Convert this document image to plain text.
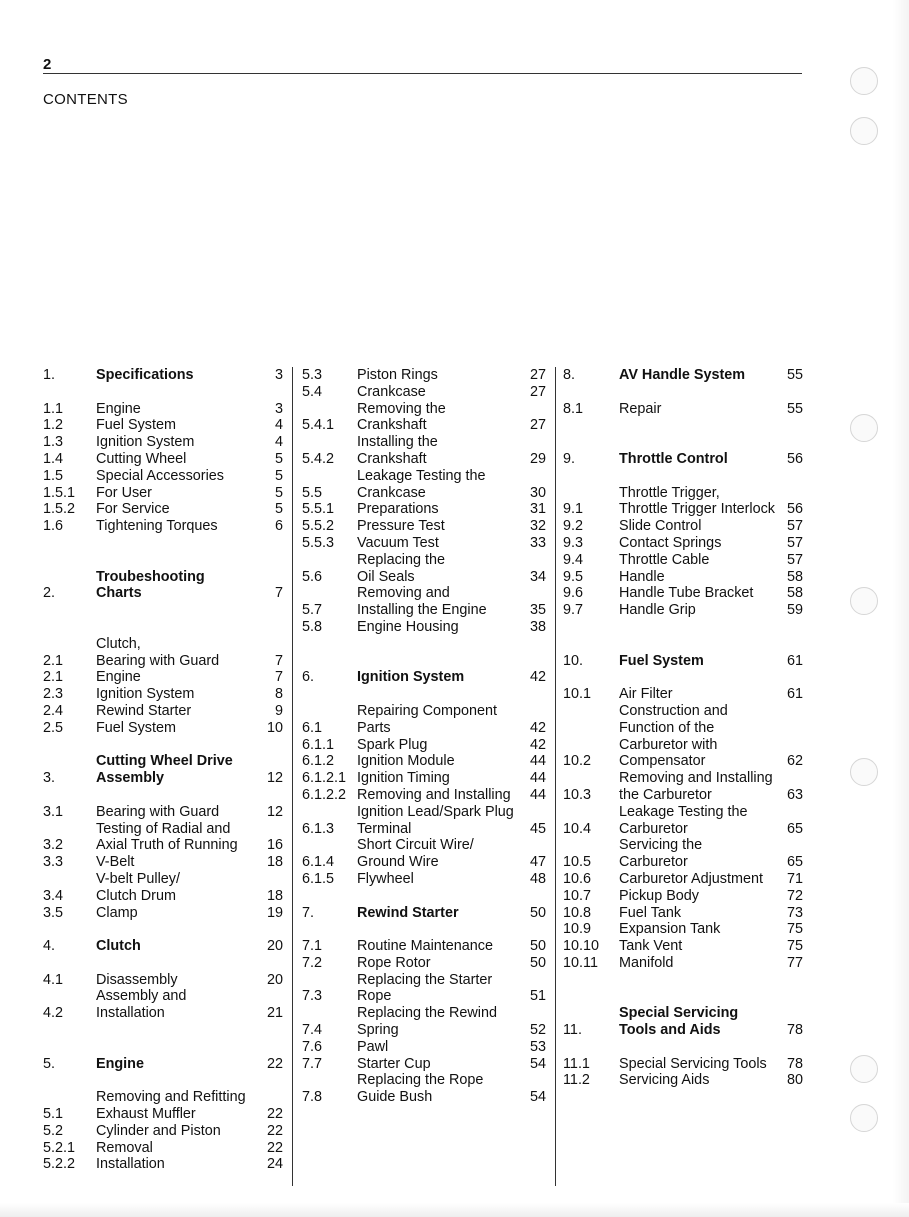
2
CONTENTS
1.	Specifications	3
1.1	Engine	3
1.2	Fuel System	4
1.3	Ignition System	4
1.4	Cutting Wheel	5
1.5	Special Accessories	5
1.5.1	For User	5
1.5.2	For Service	5
1.6	Tightening Torques	6
2.
Troubeshooting
Charts	7
2.1
Clutch,
Bearing with Guard	7
2.1	Engine	7
2.3	Ignition System	8
2.4	Rewind Starter	9
2.5	Fuel System	10
3.
Cutting Wheel Drive
Assembly	12
3.1	Bearing with Guard	12
3.2
Testing of Radial and
Axial Truth of Running	16
3.3	V-Belt	18
3.4
V-belt Pulley/
Clutch Drum	18
3.5	Clamp	19
4.	Clutch	20
4.1	Disassembly	20
4.2
Assembly and
Installation	21
5.	Engine	22
5.1
Removing and Refitting
Exhaust Muffler	22
5.2	Cylinder and Piston	22
5.2.1	Removal	22
5.2.2	Installation	24
5.3	Piston Rings	27
5.4	Crankcase	27
5.4.1
Removing the
Crankshaft	27
5.4.2
Installing the
Crankshaft	29
5.5
Leakage Testing the
Crankcase	30
5.5.1	Preparations	31
5.5.2	Pressure Test	32
5.5.3	Vacuum Test	33
5.6
Replacing the
Oil Seals	34
5.7
Removing and
Installing the Engine	35
5.8	Engine Housing	38
6.	Ignition System	42
6.1
Repairing Component
Parts	42
6.1.1	Spark Plug	42
6.1.2	Ignition Module	44
6.1.2.1 Ignition Timing	44
6.1.2.2 Removing and Installing	44
6.1.3
Ignition Lead/Spark Plug
Terminal	45
6.1.4
Short Circuit Wire/
Ground Wire	47
6.1.5	Flywheel	48
7.	Rewind Starter	50
7.1	Routine Maintenance	50
7.2	Rope Rotor	50
7.3
Replacing the Starter
Rope	51
7.4
Replacing the Rewind
Spring	52
7.6	Pawl	53
7.7	Starter Cup	54
7.8
Replacing the Rope
Guide Bush	54
8.	AV Handle System	55
8.1	Repair	55
9.	Throttle Control	56
9.1
Throttle Trigger,
Throttle Trigger Interlock 56
9.2	Slide Control	57
9.3	Contact Springs	57
9.4	Throttle Cable	57
9.5	Handle	58
9.6	Handle Tube Bracket	58
9.7	Handle Grip	59
10.	Fuel System	61
10.1	Air Filter	61
10.2
Construction and
Function of the
Carburetor with
Compensator	62
10.3
Removing and Installing
the Carburetor	63
10.4
Leakage Testing the
Carburetor	65
10.5
Servicing the
Carburetor	65
10.6	Carburetor Adjustment	71
10.7	Pickup Body	72
10.8	Fuel Tank	73
10.9	Expansion Tank	75
10.10	Tank Vent	75
10.11	Manifold	77
11.
Special Servicing
Tools and Aids	78
11.1	Special Servicing Tools	78
11.2	Servicing Aids	80
